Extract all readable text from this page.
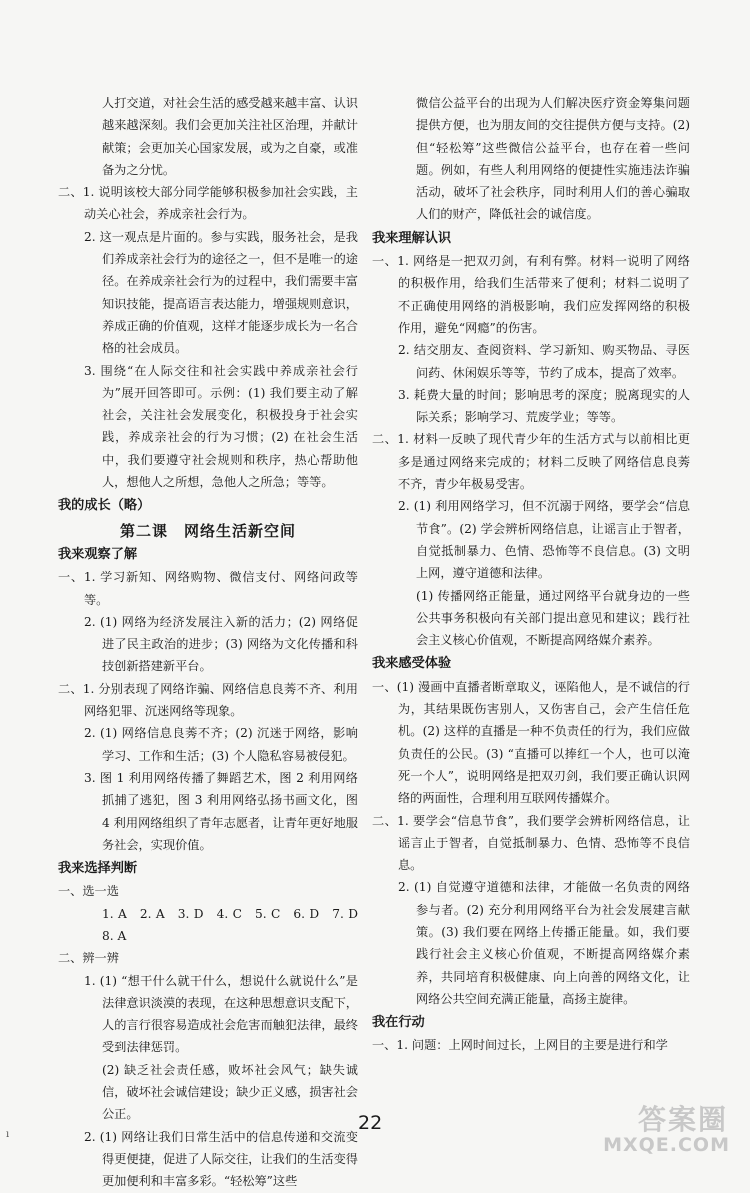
人打交道，对社会生活的感受越来越丰富、认识越来越深刻。我们会更加关注社区治理，并献计献策；会更加关心国家发展，或为之自豪，或准备为之分忧。

二、1. 说明该校大部分同学能够积极参加社会实践，主动关心社会，养成亲社会行为。

2. 这一观点是片面的。参与实践，服务社会，是我们养成亲社会行为的途径之一，但不是唯一的途径。在养成亲社会行为的过程中，我们需要丰富知识技能，提高语言表达能力，增强规则意识，养成正确的价值观，这样才能逐步成长为一名合格的社会成员。

3. 围绕“在人际交往和社会实践中养成亲社会行为”展开回答即可。示例：(1) 我们要主动了解社会，关注社会发展变化，积极投身于社会实践，养成亲社会的行为习惯；(2) 在社会生活中，我们要遵守社会规则和秩序，热心帮助他人，想他人之所想，急他人之所急；等等。

我的成长（略）

第二课　网络生活新空间

我来观察了解

一、1. 学习新知、网络购物、微信支付、网络问政等等。

2. (1) 网络为经济发展注入新的活力；(2) 网络促进了民主政治的进步；(3) 网络为文化传播和科技创新搭建新平台。

二、1. 分别表现了网络诈骗、网络信息良莠不齐、利用网络犯罪、沉迷网络等现象。

2. (1) 网络信息良莠不齐；(2) 沉迷于网络，影响学习、工作和生活；(3) 个人隐私容易被侵犯。

3. 图 1 利用网络传播了舞蹈艺术，图 2 利用网络抓捕了逃犯，图 3 利用网络弘扬书画文化，图 4 利用网络组织了青年志愿者，让青年更好地服务社会，实现价值。

我来选择判断

一、选一选

1. A　2. A　3. D　4. C　5. C　6. D　7. D　8. A

二、辨一辨

1. (1) “想干什么就干什么，想说什么就说什么”是法律意识淡漠的表现，在这种思想意识支配下，人的言行很容易造成社会危害而触犯法律，最终受到法律惩罚。

(2) 缺乏社会责任感，败坏社会风气；缺失诚信，破坏社会诚信建设；缺少正义感，损害社会公正。

2. (1) 网络让我们日常生活中的信息传递和交流变得更便捷，促进了人际交往，让我们的生活变得更加便利和丰富多彩。“轻松筹”这些

微信公益平台的出现为人们解决医疗资金筹集问题提供方便，也为朋友间的交往提供方便与支持。(2) 但“轻松筹”这些微信公益平台，也存在着一些问题。例如，有些人利用网络的便捷性实施违法诈骗活动，破坏了社会秩序，同时利用人们的善心骗取人们的财产，降低社会的诚信度。

我来理解认识

一、1. 网络是一把双刃剑，有利有弊。材料一说明了网络的积极作用，给我们生活带来了便利；材料二说明了不正确使用网络的消极影响，我们应发挥网络的积极作用，避免“网瘾”的伤害。

2. 结交朋友、查阅资料、学习新知、购买物品、寻医问药、休闲娱乐等等，节约了成本，提高了效率。

3. 耗费大量的时间；影响思考的深度；脱离现实的人际关系；影响学习、荒废学业；等等。

二、1. 材料一反映了现代青少年的生活方式与以前相比更多是通过网络来完成的；材料二反映了网络信息良莠不齐，青少年极易受害。

2. (1) 利用网络学习，但不沉溺于网络，要学会“信息节食”。(2) 学会辨析网络信息，让谣言止于智者，自觉抵制暴力、色情、恐怖等不良信息。(3) 文明上网，遵守道德和法律。

(1) 传播网络正能量，通过网络平台就身边的一些公共事务积极向有关部门提出意见和建议；践行社会主义核心价值观，不断提高网络媒介素养。

我来感受体验

一、(1) 漫画中直播者断章取义，诬陷他人，是不诚信的行为，其结果既伤害别人，又伤害自己，会产生信任危机。(2) 这样的直播是一种不负责任的行为，我们应做负责任的公民。(3) “直播可以捧红一个人，也可以淹死一个人”，说明网络是把双刃剑，我们要正确认识网络的两面性，合理利用互联网传播媒介。

二、1. 要学会“信息节食”，我们要学会辨析网络信息，让谣言止于智者，自觉抵制暴力、色情、恐怖等不良信息。

2. (1) 自觉遵守道德和法律，才能做一名负责的网络参与者。(2) 充分利用网络平台为社会发展建言献策。(3) 我们要在网络上传播正能量。如，我们要践行社会主义核心价值观，不断提高网络媒介素养，共同培育积极健康、向上向善的网络文化，让网络公共空间充满正能量，高扬主旋律。

我在行动

一、1. 问题：上网时间过长，上网目的主要是进行和学

22
ı	答案圈
MXQE.COM
